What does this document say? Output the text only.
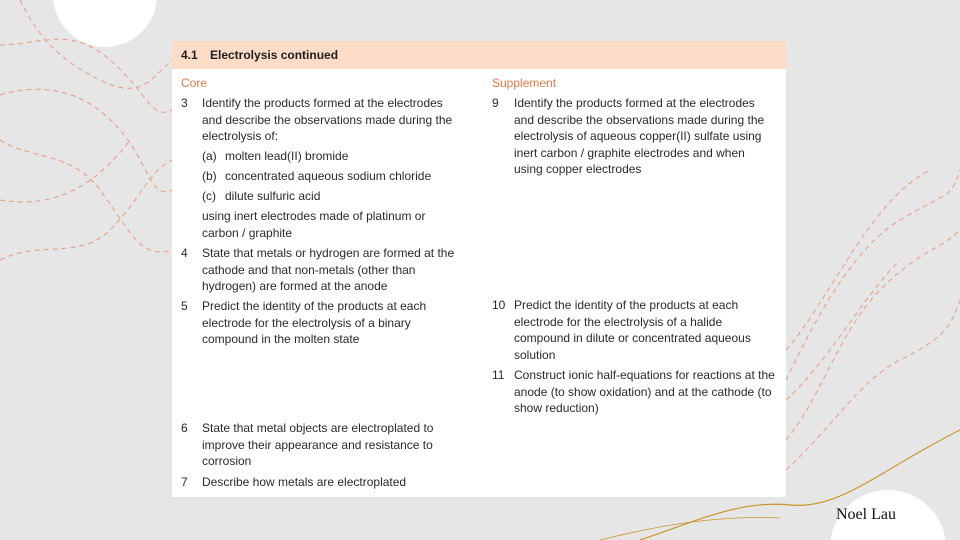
4.1 Electrolysis continued
Core	Supplement
3 Identify the products formed at the electrodes and describe the observations made during the electrolysis of:
(a) molten lead(II) bromide
(b) concentrated aqueous sodium chloride
(c) dilute sulfuric acid
using inert electrodes made of platinum or carbon / graphite
4 State that metals or hydrogen are formed at the cathode and that non-metals (other than hydrogen) are formed at the anode
5 Predict the identity of the products at each electrode for the electrolysis of a binary compound in the molten state
6 State that metal objects are electroplated to improve their appearance and resistance to corrosion
7 Describe how metals are electroplated
9 Identify the products formed at the electrodes and describe the observations made during the electrolysis of aqueous copper(II) sulfate using inert carbon / graphite electrodes and when using copper electrodes
10 Predict the identity of the products at each electrode for the electrolysis of a halide compound in dilute or concentrated aqueous solution
11 Construct ionic half-equations for reactions at the anode (to show oxidation) and at the cathode (to show reduction)
Noel Lau
